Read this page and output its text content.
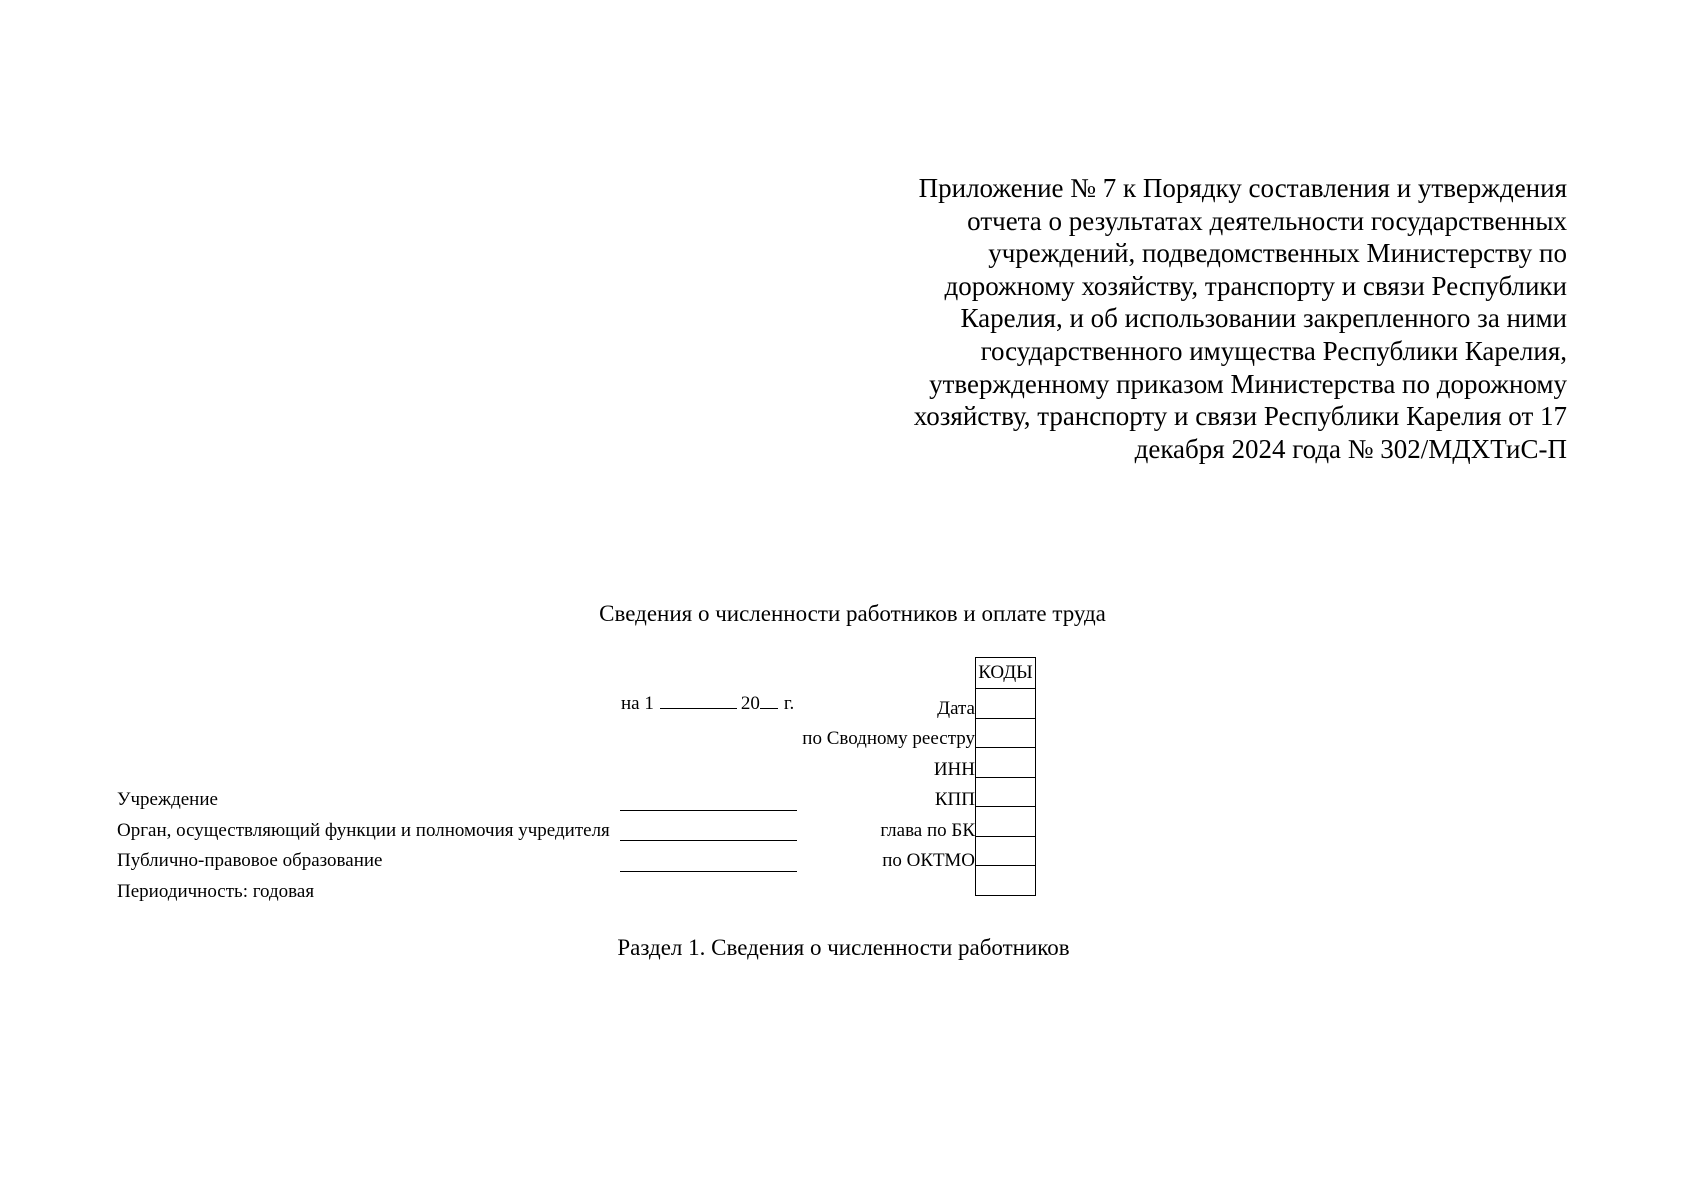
Приложение № 7 к Порядку составления и утверждения
отчета о результатах деятельности государственных
учреждений, подведомственных Министерству по
дорожному хозяйству, транспорту и связи Республики
Карелия, и об использовании закрепленного за ними
государственного имущества Республики Карелия,
утвержденному приказом Министерства по дорожному
хозяйству, транспорту и связи Республики Карелия от 17
декабря 2024 года № 302/МДХТиС-П
Сведения о численности работников и оплате труда
КОДЫ
на 1	20 г.	Дата
по Сводному реестру
ИНН
КПП
глава по БК
по ОКТМО
Учреждение
Орган, осуществляющий функции и полномочия учредителя
Публично-правовое образование
Периодичность: годовая
Раздел 1. Сведения о численности работников
